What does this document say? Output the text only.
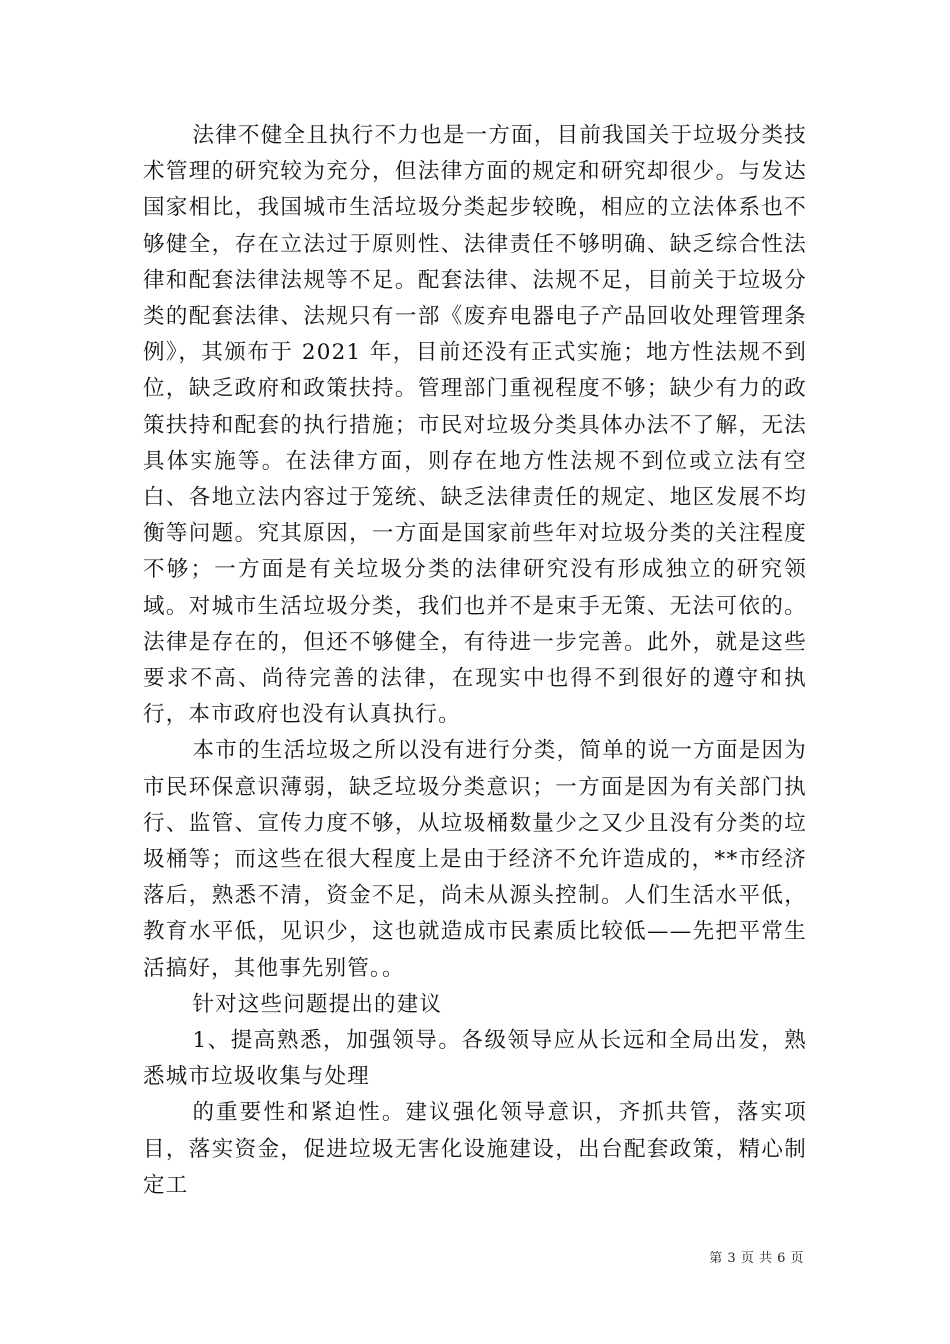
法律不健全且执行不力也是一方面，目前我国关于垃圾分类技术管理的研究较为充分，但法律方面的规定和研究却很少。与发达国家相比，我国城市生活垃圾分类起步较晚，相应的立法体系也不够健全，存在立法过于原则性、法律责任不够明确、缺乏综合性法律和配套法律法规等不足。配套法律、法规不足，目前关于垃圾分类的配套法律、法规只有一部《废弃电器电子产品回收处理管理条例》，其颁布于 2021 年，目前还没有正式实施；地方性法规不到位，缺乏政府和政策扶持。管理部门重视程度不够；缺少有力的政策扶持和配套的执行措施；市民对垃圾分类具体办法不了解，无法具体实施等。在法律方面，则存在地方性法规不到位或立法有空白、各地立法内容过于笼统、缺乏法律责任的规定、地区发展不均衡等问题。究其原因，一方面是国家前些年对垃圾分类的关注程度不够；一方面是有关垃圾分类的法律研究没有形成独立的研究领域。对城市生活垃圾分类，我们也并不是束手无策、无法可依的。法律是存在的，但还不够健全，有待进一步完善。此外，就是这些要求不高、尚待完善的法律，在现实中也得不到很好的遵守和执行，本市政府也没有认真执行。

本市的生活垃圾之所以没有进行分类，简单的说一方面是因为市民环保意识薄弱，缺乏垃圾分类意识；一方面是因为有关部门执行、监管、宣传力度不够，从垃圾桶数量少之又少且没有分类的垃圾桶等；而这些在很大程度上是由于经济不允许造成的，**市经济落后，熟悉不清，资金不足，尚未从源头控制。人们生活水平低，教育水平低，见识少，这也就造成市民素质比较低——先把平常生活搞好，其他事先别管。。

针对这些问题提出的建议

1、提高熟悉，加强领导。各级领导应从长远和全局出发，熟悉城市垃圾收集与处理

的重要性和紧迫性。建议强化领导意识，齐抓共管，落实项目，落实资金，促进垃圾无害化设施建设，出台配套政策，精心制定工

第 3 页 共 6 页
